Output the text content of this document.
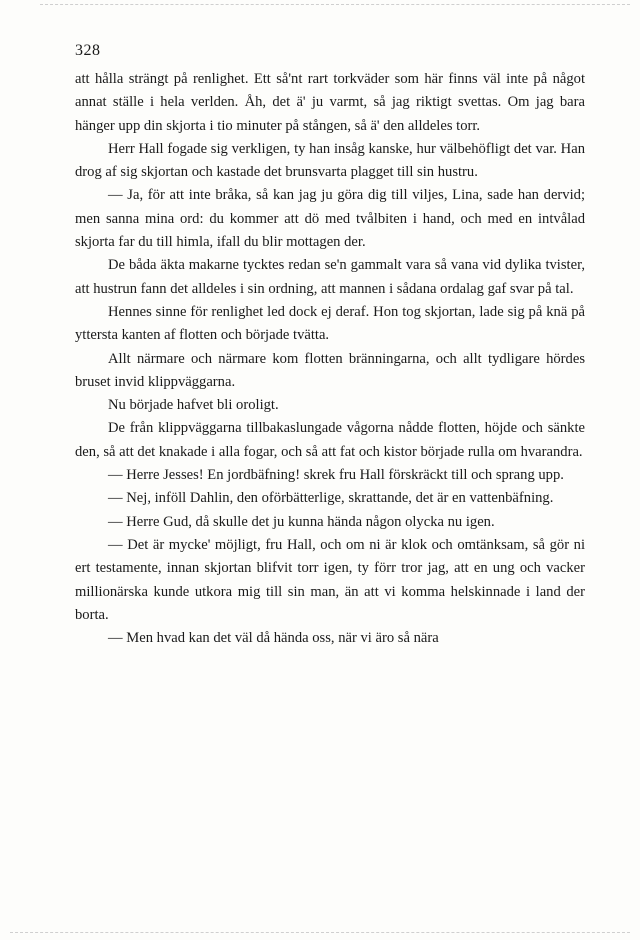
328

att hålla strängt på renlighet. Ett så'nt rart torkväder som här finns väl inte på något annat ställe i hela verlden. Åh, det ä' ju varmt, så jag riktigt svettas. Om jag bara hänger upp din skjorta i tio minuter på stången, så ä' den alldeles torr.

Herr Hall fogade sig verkligen, ty han insåg kanske, hur välbehöfligt det var. Han drog af sig skjortan och kastade det brunsvarta plagget till sin hustru.

— Ja, för att inte bråka, så kan jag ju göra dig till viljes, Lina, sade han dervid; men sanna mina ord: du kommer att dö med tvålbiten i hand, och med en intvålad skjorta far du till himla, ifall du blir mottagen der.

De båda äkta makarne tycktes redan se'n gammalt vara så vana vid dylika tvister, att hustrun fann det alldeles i sin ordning, att mannen i sådana ordalag gaf svar på tal.

Hennes sinne för renlighet led dock ej deraf. Hon tog skjortan, lade sig på knä på yttersta kanten af flotten och började tvätta.

Allt närmare och närmare kom flotten bränningarna, och allt tydligare hördes bruset invid klippväggarna.

Nu började hafvet bli oroligt.

De från klippväggarna tillbakaslungade vågorna nådde flotten, höjde och sänkte den, så att det knakade i alla fogar, och så att fat och kistor började rulla om hvarandra.

— Herre Jesses! En jordbäfning! skrek fru Hall förskräckt till och sprang upp.

— Nej, inföll Dahlin, den oförbätterlige, skrattande, det är en vattenbäfning.

— Herre Gud, då skulle det ju kunna hända någon olycka nu igen.

— Det är mycke' möjligt, fru Hall, och om ni är klok och omtänksam, så gör ni ert testamente, innan skjortan blifvit torr igen, ty förr tror jag, att en ung och vacker millionärska kunde utkora mig till sin man, än att vi komma helskinnade i land der borta.

— Men hvad kan det väl då hända oss, när vi äro så nära
